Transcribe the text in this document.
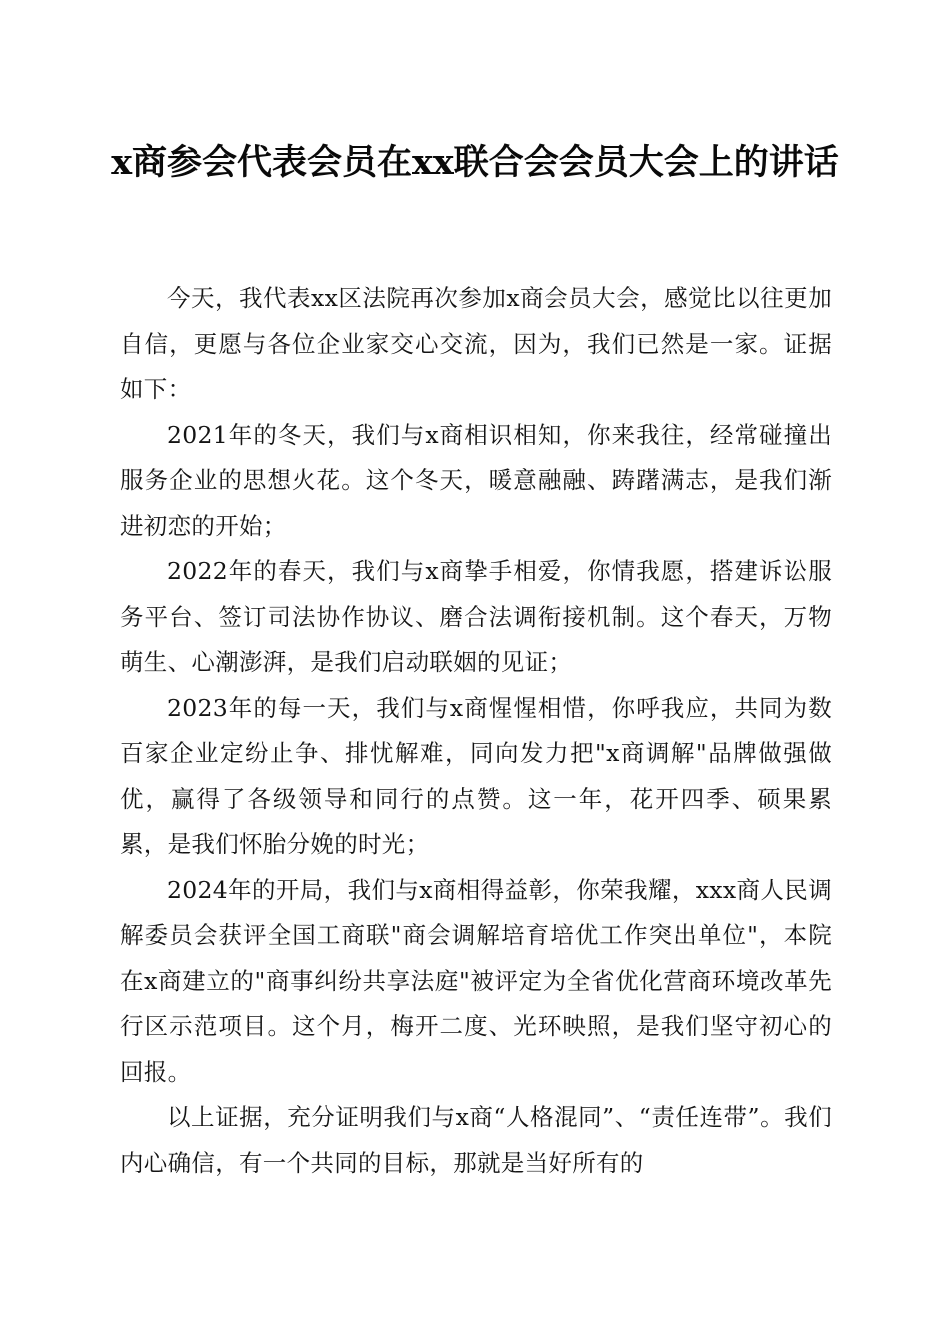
x商参会代表会员在xx联合会会员大会上的讲话

今天，我代表xx区法院再次参加x商会员大会，感觉比以往更加自信，更愿与各位企业家交心交流，因为，我们已然是一家。证据如下：

2021年的冬天，我们与x商相识相知，你来我往，经常碰撞出服务企业的思想火花。这个冬天，暖意融融、踌躇满志，是我们渐进初恋的开始；

2022年的春天，我们与x商挚手相爱，你情我愿，搭建诉讼服务平台、签订司法协作协议、磨合法调衔接机制。这个春天，万物萌生、心潮澎湃，是我们启动联姻的见证；

2023年的每一天，我们与x商惺惺相惜，你呼我应，共同为数百家企业定纷止争、排忧解难，同向发力把"x商调解"品牌做强做优，赢得了各级领导和同行的点赞。这一年，花开四季、硕果累累，是我们怀胎分娩的时光；

2024年的开局，我们与x商相得益彰，你荣我耀，xxx商人民调解委员会获评全国工商联"商会调解培育培优工作突出单位"，本院在x商建立的"商事纠纷共享法庭"被评定为全省优化营商环境改革先行区示范项目。这个月，梅开二度、光环映照，是我们坚守初心的回报。

以上证据，充分证明我们与x商“人格混同”、“责任连带”。我们内心确信，有一个共同的目标，那就是当好所有的
